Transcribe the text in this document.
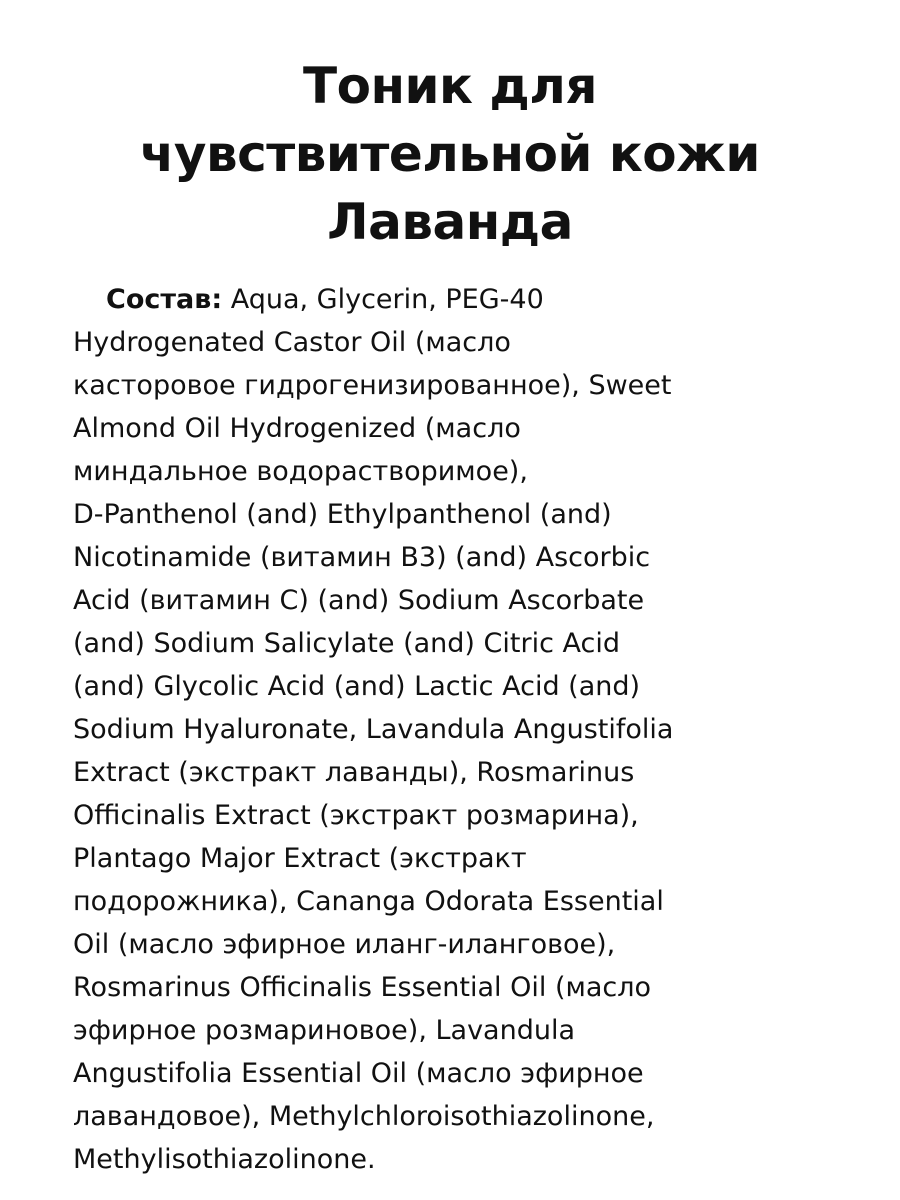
Тоник для
чувствительной кожи
Лаванда
Состав: Aqua, Glycerin, PEG-40
Hydrogenated Castor Oil (масло
касторовое гидрогенизированное), Sweet
Almond Oil Hydrogenized (масло
миндальное водорастворимое),
D-Panthenol (and) Ethylpanthenol (and)
Nicotinamide (витамин B3) (and) Ascorbic
Acid (витамин С) (and) Sodium Ascorbate
(and) Sodium Salicylate (and) Citric Acid
(and) Glycolic Acid (and) Lactic Acid (and)
Sodium Hyaluronate, Lavandula Angustifolia
Extract (экстракт лаванды), Rosmarinus
Officinalis Extract (экстракт розмарина),
Plantago Major Extract (экстракт
подорожника), Cananga Odorata Essential
Oil (масло эфирное иланг-иланговое),
Rosmarinus Officinalis Essential Oil (масло
эфирное розмариновое), Lavandula
Angustifolia Essential Oil (масло эфирное
лавандовое), Methylchloroisothiazolinone,
Methylisothiazolinone.
